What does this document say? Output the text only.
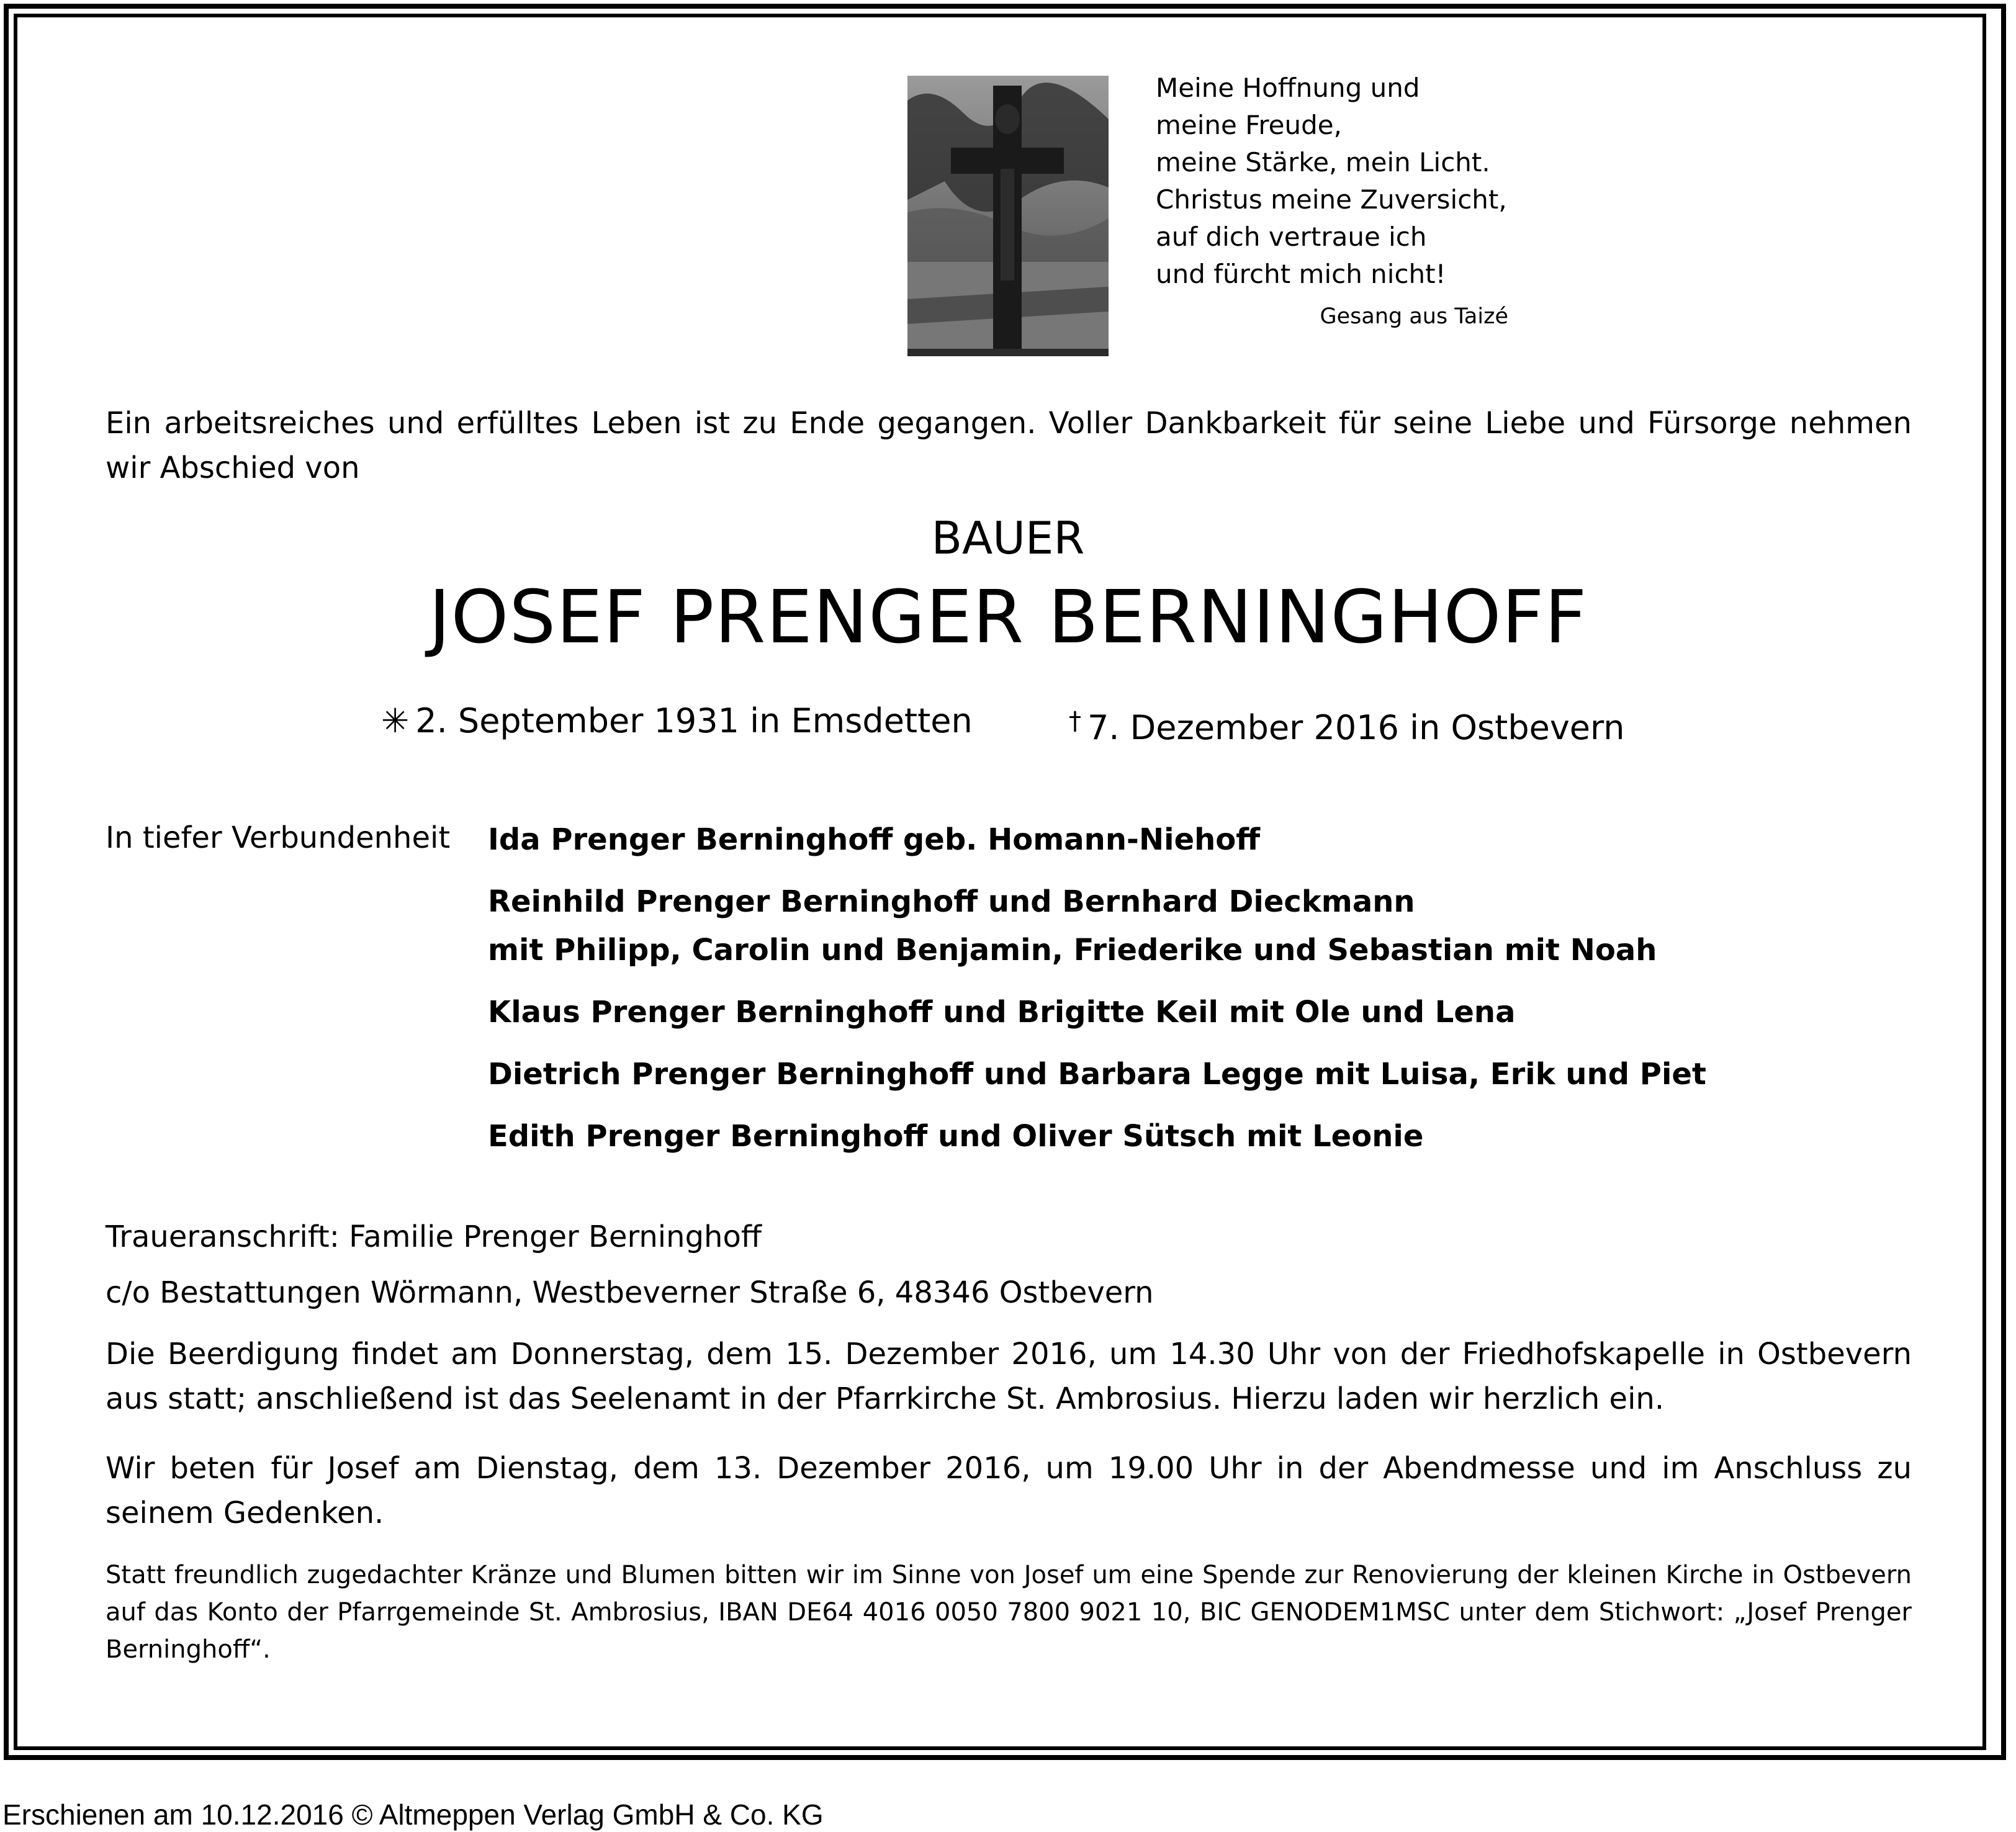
Meine Hoffnung und
meine Freude,
meine Stärke, mein Licht.
Christus meine Zuversicht,
auf dich vertraue ich
und fürcht mich nicht!
Gesang aus Taizé
Ein arbeitsreiches und erfülltes Leben ist zu Ende gegangen. Voller Dankbarkeit für seine Liebe und Fürsorge nehmen wir Abschied von
BAUER
JOSEF PRENGER BERNINGHOFF
✳ 2. September 1931 in Emsdetten	† 7. Dezember 2016 in Ostbevern
In tiefer Verbundenheit Ida Prenger Berninghoff geb. Homann-Niehoff
Reinhild Prenger Berninghoff und Bernhard Dieckmann
mit Philipp, Carolin und Benjamin, Friederike und Sebastian mit Noah
Klaus Prenger Berninghoff und Brigitte Keil mit Ole und Lena
Dietrich Prenger Berninghoff und Barbara Legge mit Luisa, Erik und Piet
Edith Prenger Berninghoff und Oliver Sütsch mit Leonie
Traueranschrift: Familie Prenger Berninghoff
c/o Bestattungen Wörmann, Westbeverner Straße 6, 48346 Ostbevern
Die Beerdigung findet am Donnerstag, dem 15. Dezember 2016, um 14.30 Uhr von der Friedhofskapelle in Ostbevern aus statt; anschließend ist das Seelenamt in der Pfarrkirche St. Ambrosius. Hierzu laden wir herzlich ein.
Wir beten für Josef am Dienstag, dem 13. Dezember 2016, um 19.00 Uhr in der Abendmesse und im Anschluss zu seinem Gedenken.
Statt freundlich zugedachter Kränze und Blumen bitten wir im Sinne von Josef um eine Spende zur Renovierung der kleinen Kirche in Ostbevern auf das Konto der Pfarrgemeinde St. Ambrosius, IBAN DE64 4016 0050 7800 9021 10, BIC GENODEM1MSC unter dem Stichwort: „Josef Prenger Berninghoff“.
Erschienen am 10.12.2016 © Altmeppen Verlag GmbH & Co. KG
